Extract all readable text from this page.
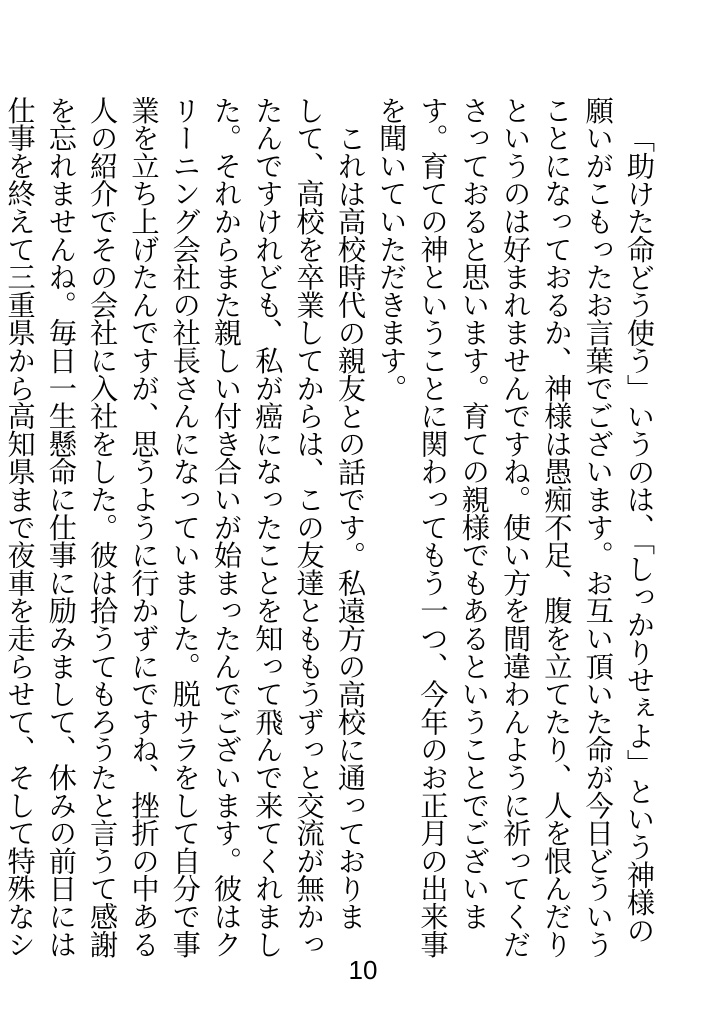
「助けた命どう使う」いうのは、「しっかりせぇよ」という神様の願いがこもったお言葉でございます。お互い頂いた命が今日どういうことになっておるか、神様は愚痴不足、腹を立てたり、人を恨んだりというのは好まれませんですね。使い方を間違わんように祈ってくださっておると思います。育ての親様でもあるということでございます。育ての神ということに関わってもう一つ、今年のお正月の出来事を聞いていただきます。

これは高校時代の親友との話です。私遠方の高校に通っておりまして、高校を卒業してからは、この友達とももうずっと交流が無かったんですけれども、私が癌になったことを知って飛んで来てくれました。それからまた親しい付き合いが始まったんでございます。彼はクリーニング会社の社長さんになっていました。脱サラをして自分で事業を立ち上げたんですが、思うように行かずにですね、挫折の中ある人の紹介でその会社に入社をした。彼は拾うてもろうたと言うて感謝を忘れませんね。毎日一生懸命に仕事に励みまして、休みの前日には仕事を終えて三重県から高知県まで夜車を走らせて、そして特殊なシ

10
